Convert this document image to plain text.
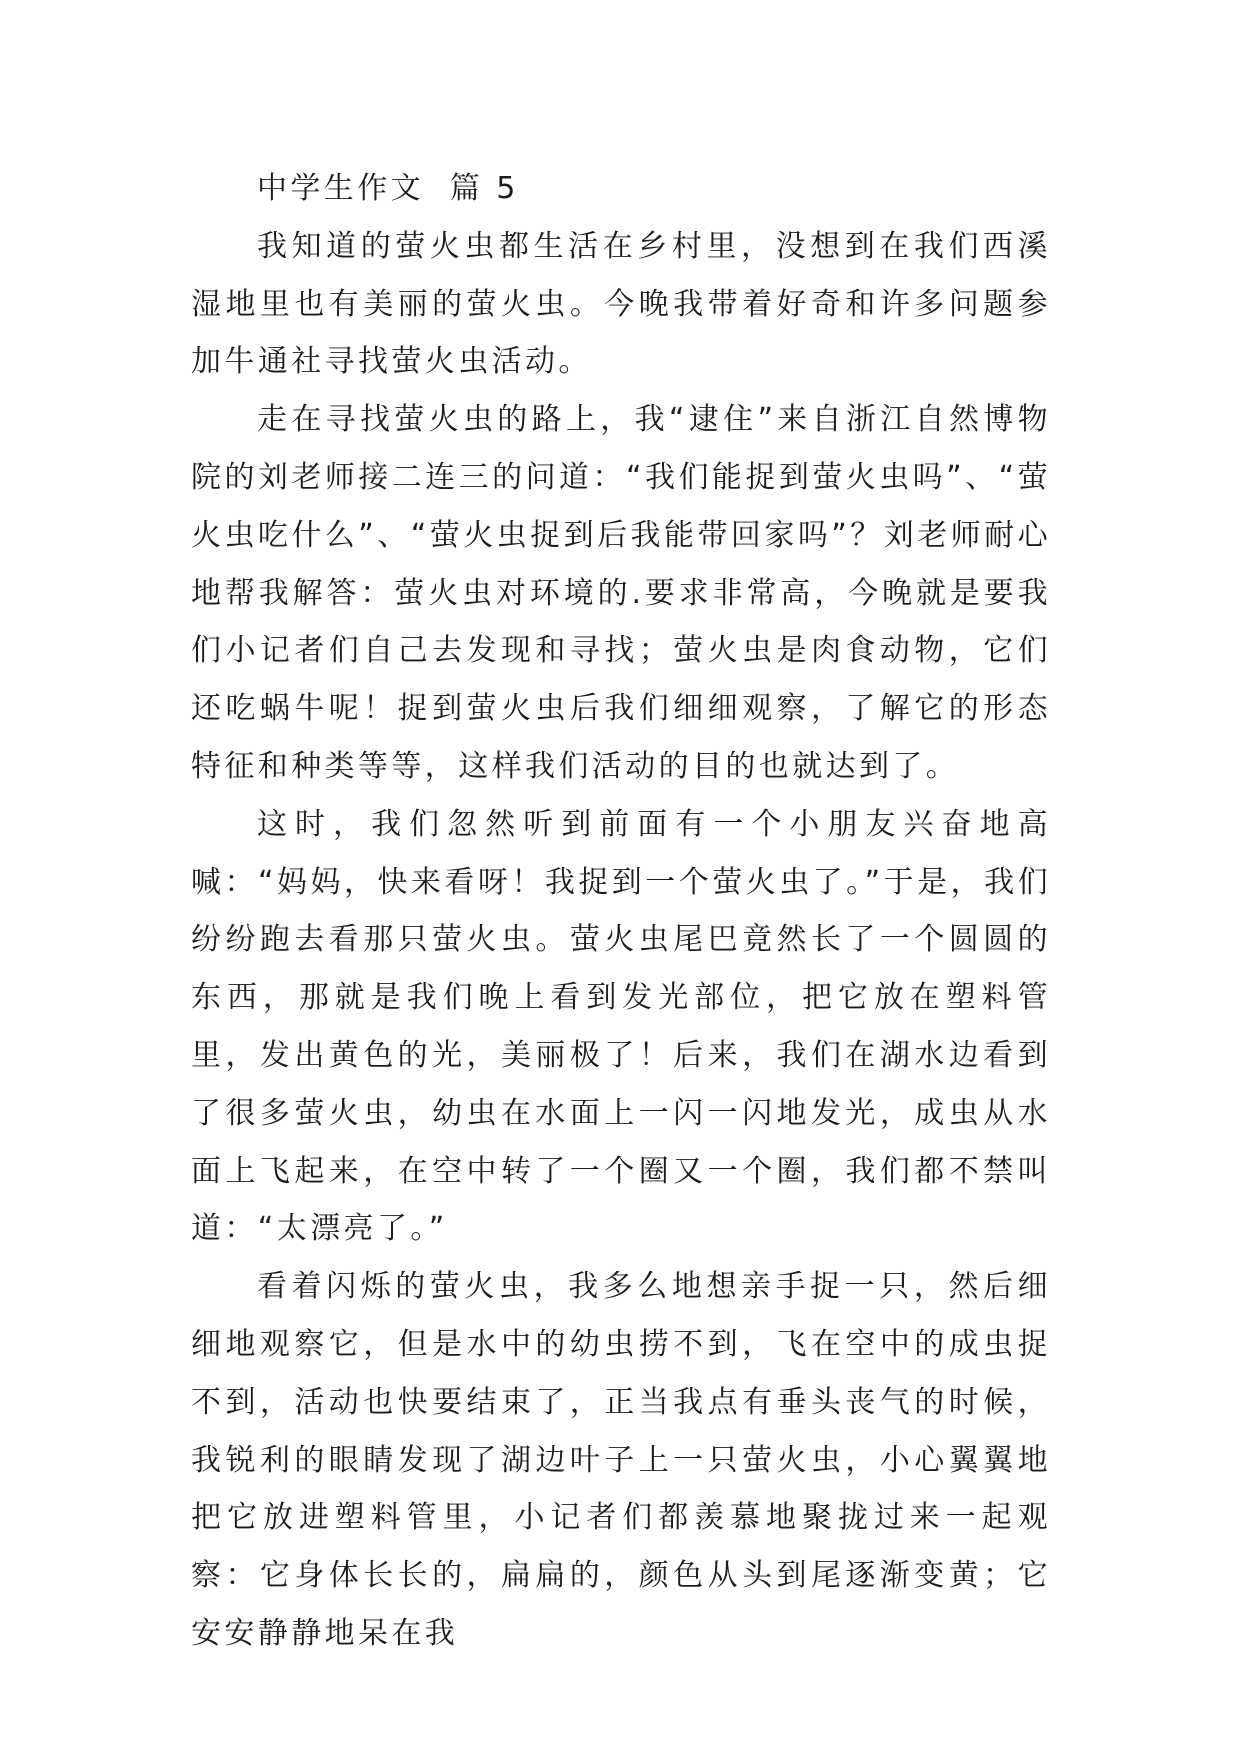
中学生作文  篇 5

我知道的萤火虫都生活在乡村里，没想到在我们西溪湿地里也有美丽的萤火虫。今晚我带着好奇和许多问题参加牛通社寻找萤火虫活动。

走在寻找萤火虫的路上，我“逮住”来自浙江自然博物院的刘老师接二连三的问道：“我们能捉到萤火虫吗”、“萤火虫吃什么”、“萤火虫捉到后我能带回家吗”？刘老师耐心地帮我解答：萤火虫对环境的.要求非常高，今晚就是要我们小记者们自己去发现和寻找；萤火虫是肉食动物，它们还吃蜗牛呢！捉到萤火虫后我们细细观察，了解它的形态特征和种类等等，这样我们活动的目的也就达到了。

这时，我们忽然听到前面有一个小朋友兴奋地高喊：“妈妈，快来看呀！我捉到一个萤火虫了。”于是，我们纷纷跑去看那只萤火虫。萤火虫尾巴竟然长了一个圆圆的东西，那就是我们晚上看到发光部位，把它放在塑料管里，发出黄色的光，美丽极了！后来，我们在湖水边看到了很多萤火虫，幼虫在水面上一闪一闪地发光，成虫从水面上飞起来，在空中转了一个圈又一个圈，我们都不禁叫道：“太漂亮了。”

看着闪烁的萤火虫，我多么地想亲手捉一只，然后细细地观察它，但是水中的幼虫捞不到，飞在空中的成虫捉不到，活动也快要结束了，正当我点有垂头丧气的时候，我锐利的眼睛发现了湖边叶子上一只萤火虫，小心翼翼地把它放进塑料管里，小记者们都羡慕地聚拢过来一起观察：它身体长长的，扁扁的，颜色从头到尾逐渐变黄；它安安静静地呆在我
